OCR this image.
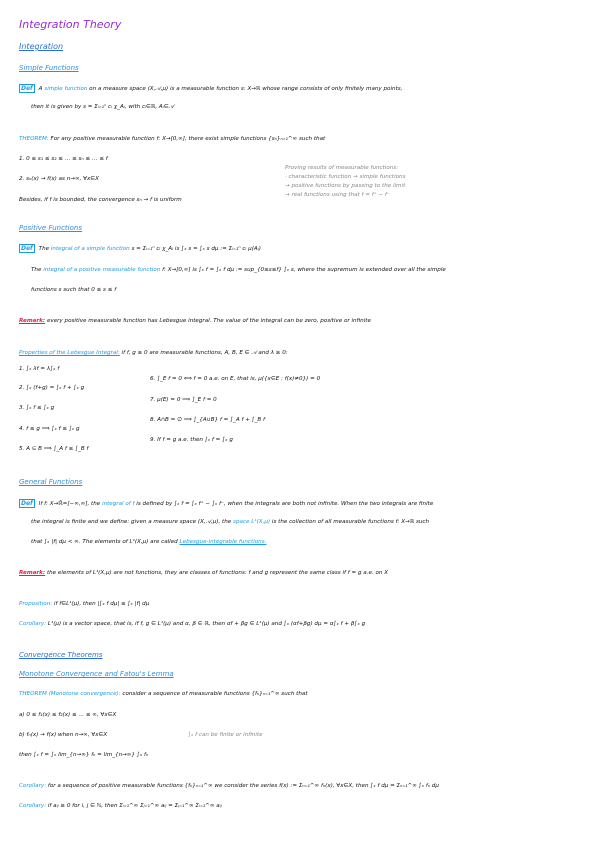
Integration Theory
Integration
Simple Functions
Def A simple function on a measure space (X,𝒜,μ) is a measurable function s: X→ℝ whose range consists of only finitely many points,
then it is given by s = Σᵢ₌₁ⁿ cᵢ χ_Aᵢ, with cᵢ∈ℝ, Aᵢ∈𝒜
THEOREM: For any positive measurable function f: X→[0,∞], there exist simple functions {sₙ}ₙ₌₁^∞ such that
1. 0 ≤ s₁ ≤ s₂ ≤ … ≤ sₙ ≤ … ≤ f
2. sₙ(x) → f(x) as n→∞, ∀x∈X
Besides, if f is bounded, the convergence sₙ → f is uniform
Proving results of measurable functions:
· characteristic function → simple functions
→ positive functions by passing to the limit
→ real functions using that f = f⁺ − f⁻
Positive Functions
Def The integral of a simple function s = Σᵢ₌₁ⁿ cᵢ χ_Aᵢ is ∫ₓ s = ∫ₓ s dμ := Σᵢ₌₁ⁿ cᵢ μ(Aᵢ)
The integral of a positive measurable function f: X→[0,∞] is ∫ₓ f = ∫ₓ f dμ := sup_{0≤s≤f} ∫ₓ s, where the supremum is extended over all the simple
functions s such that 0 ≤ s ≤ f
Remark: every positive measurable function has Lebesgue integral. The value of the integral can be zero, positive or infinite
Properties of the Lebesgue Integral: if f, g ≥ 0 are measurable functions, A, B, E ∈ 𝒜 and λ ≥ 0:
1. ∫ₓ λf = λ∫ₓ f
2. ∫ₓ (f+g) = ∫ₓ f + ∫ₓ g
3. ∫ₓ f ≤ ∫ₓ g
4. f ≤ g ⟹ ∫ₓ f ≤ ∫ₓ g
5. A ⊆ B ⟹ ∫_A f ≤ ∫_B f
6. ∫_E f = 0 ⟺ f = 0 a.e. on E, that is, μ({x∈E : f(x)≠0}) = 0
7. μ(E) = 0 ⟹ ∫_E f = 0
8. A∩B = ∅ ⟹ ∫_{A∪B} f = ∫_A f + ∫_B f
9. If f = g a.e. then ∫ₓ f = ∫ₓ g
General Functions
Def If f: X→ℝ̄=[−∞,∞], the integral of f is defined by ∫ₓ f = ∫ₓ f⁺ − ∫ₓ f⁻, when the integrals are both not infinite. When the two integrals are finite
the integral is finite and we define: given a measure space (X,𝒜,μ), the space L¹(X,μ) is the collection of all measurable functions f: X→ℝ such
that ∫ₓ |f| dμ < ∞. The elements of L¹(X,μ) are called Lebesgue-integrable functions.
Remark: the elements of L¹(X,μ) are not functions, they are classes of functions: f and g represent the same class if f = g a.e. on X
Proposition: if f∈L¹(μ), then |∫ₓ f dμ| ≤ ∫ₓ |f| dμ
Corollary: L¹(μ) is a vector space, that is, if f, g ∈ L¹(μ) and α, β ∈ ℝ, then αf + βg ∈ L¹(μ) and ∫ₓ (αf+βg) dμ = α∫ₓ f + β∫ₓ g
Convergence Theorems
Monotone Convergence and Fatou's Lemma
THEOREM (Monotone convergence): consider a sequence of measurable functions {fₙ}ₙ₌₁^∞ such that
a) 0 ≤ f₁(x) ≤ f₂(x) ≤ … ≤ ∞, ∀x∈X
b) fₙ(x) → f(x) when n→∞, ∀x∈X	∫ₓ f can be finite or infinite
then ∫ₓ f = ∫ₓ lim_{n→∞} fₙ = lim_{n→∞} ∫ₓ fₙ
Corollary: for a sequence of positive measurable functions {fₙ}ₙ₌₁^∞ we consider the series f(x) := Σₙ₌₁^∞ fₙ(x), ∀x∈X, then ∫ₓ f dμ = Σₙ₌₁^∞ ∫ₓ fₙ dμ
Corollary: if aᵢⱼ ≥ 0 for i, j ∈ ℕ, then Σᵢ₌₁^∞ Σⱼ₌₁^∞ aᵢⱼ = Σⱼ₌₁^∞ Σᵢ₌₁^∞ aᵢⱼ
